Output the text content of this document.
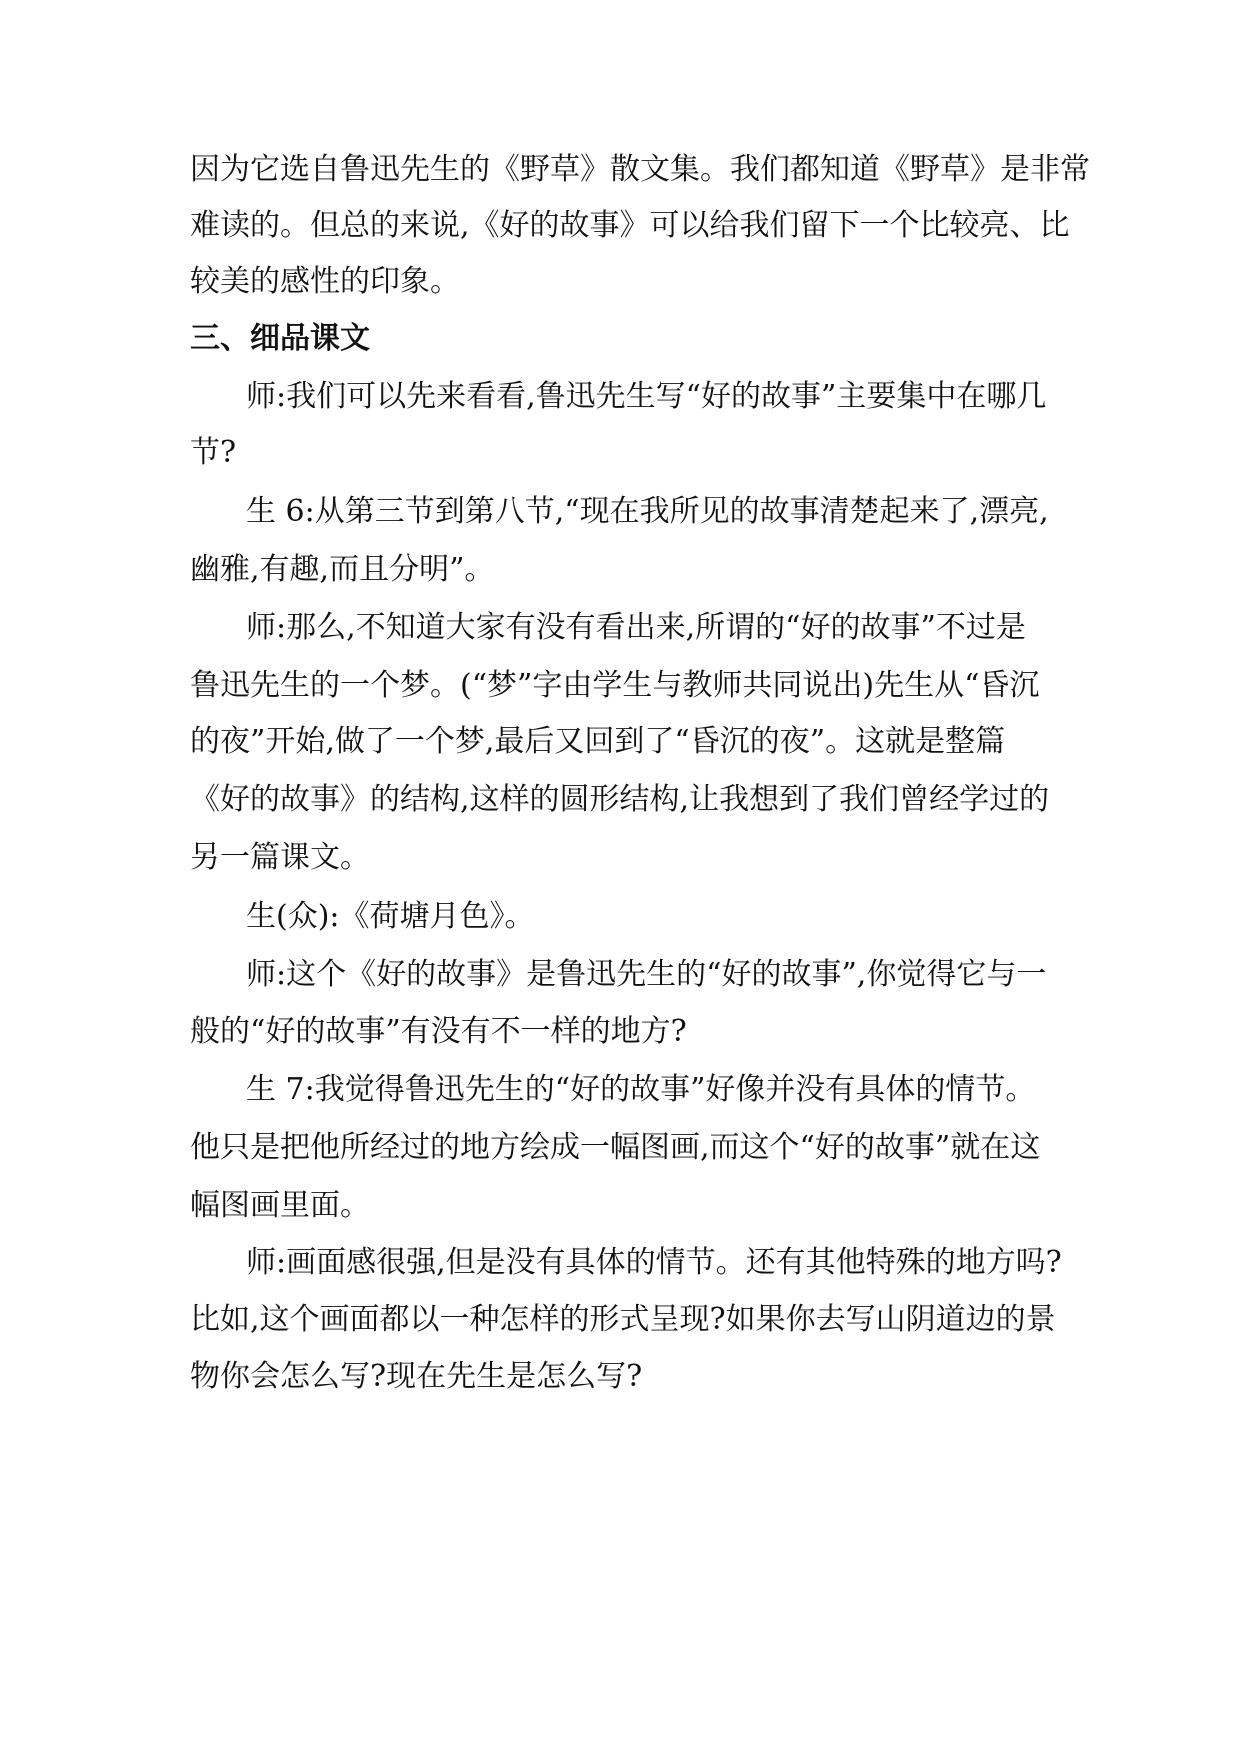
因为它选自鲁迅先生的《野草》散文集。我们都知道《野草》是非常
难读的。但总的来说,《好的故事》可以给我们留下一个比较亮、比
较美的感性的印象。
三、细品课文
师:我们可以先来看看,鲁迅先生写“好的故事”主要集中在哪几
节?
生 6:从第三节到第八节,“现在我所见的故事清楚起来了,漂亮,
幽雅,有趣,而且分明”。
师:那么,不知道大家有没有看出来,所谓的“好的故事”不过是
鲁迅先生的一个梦。(“梦”字由学生与教师共同说出)先生从“昏沉
的夜”开始,做了一个梦,最后又回到了“昏沉的夜”。这就是整篇
《好的故事》的结构,这样的圆形结构,让我想到了我们曾经学过的
另一篇课文。
生(众):《荷塘月色》。
师:这个《好的故事》是鲁迅先生的“好的故事”,你觉得它与一
般的“好的故事”有没有不一样的地方?
生 7:我觉得鲁迅先生的“好的故事”好像并没有具体的情节。
他只是把他所经过的地方绘成一幅图画,而这个“好的故事”就在这
幅图画里面。
师:画面感很强,但是没有具体的情节。还有其他特殊的地方吗?
比如,这个画面都以一种怎样的形式呈现?如果你去写山阴道边的景
物你会怎么写?现在先生是怎么写?
